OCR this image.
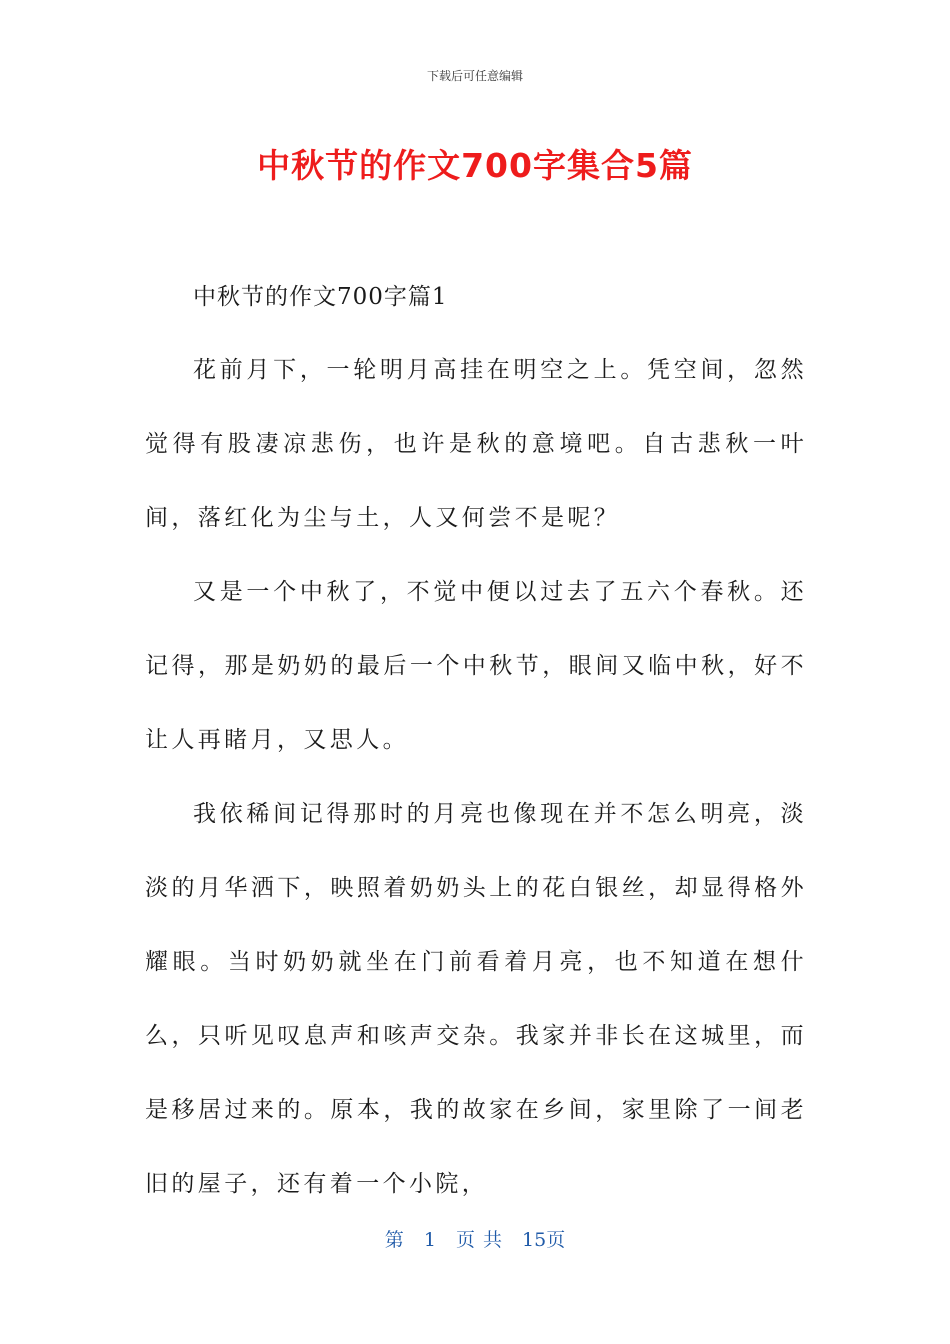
下载后可任意编辑
中秋节的作文700字集合5篇

中秋节的作文700字篇1

花前月下，一轮明月高挂在明空之上。凭空间，忽然觉得有股凄凉悲伤，也许是秋的意境吧。自古悲秋一叶间，落红化为尘与土，人又何尝不是呢？

又是一个中秋了，不觉中便以过去了五六个春秋。还记得，那是奶奶的最后一个中秋节，眼间又临中秋，好不让人再睹月，又思人。

我依稀间记得那时的月亮也像现在并不怎么明亮，淡淡的月华洒下，映照着奶奶头上的花白银丝，却显得格外耀眼。当时奶奶就坐在门前看着月亮，也不知道在想什么，只听见叹息声和咳声交杂。我家并非长在这城里，而是移居过来的。原本，我的故家在乡间，家里除了一间老旧的屋子，还有着一个小院，

第 1 页 共 15页
